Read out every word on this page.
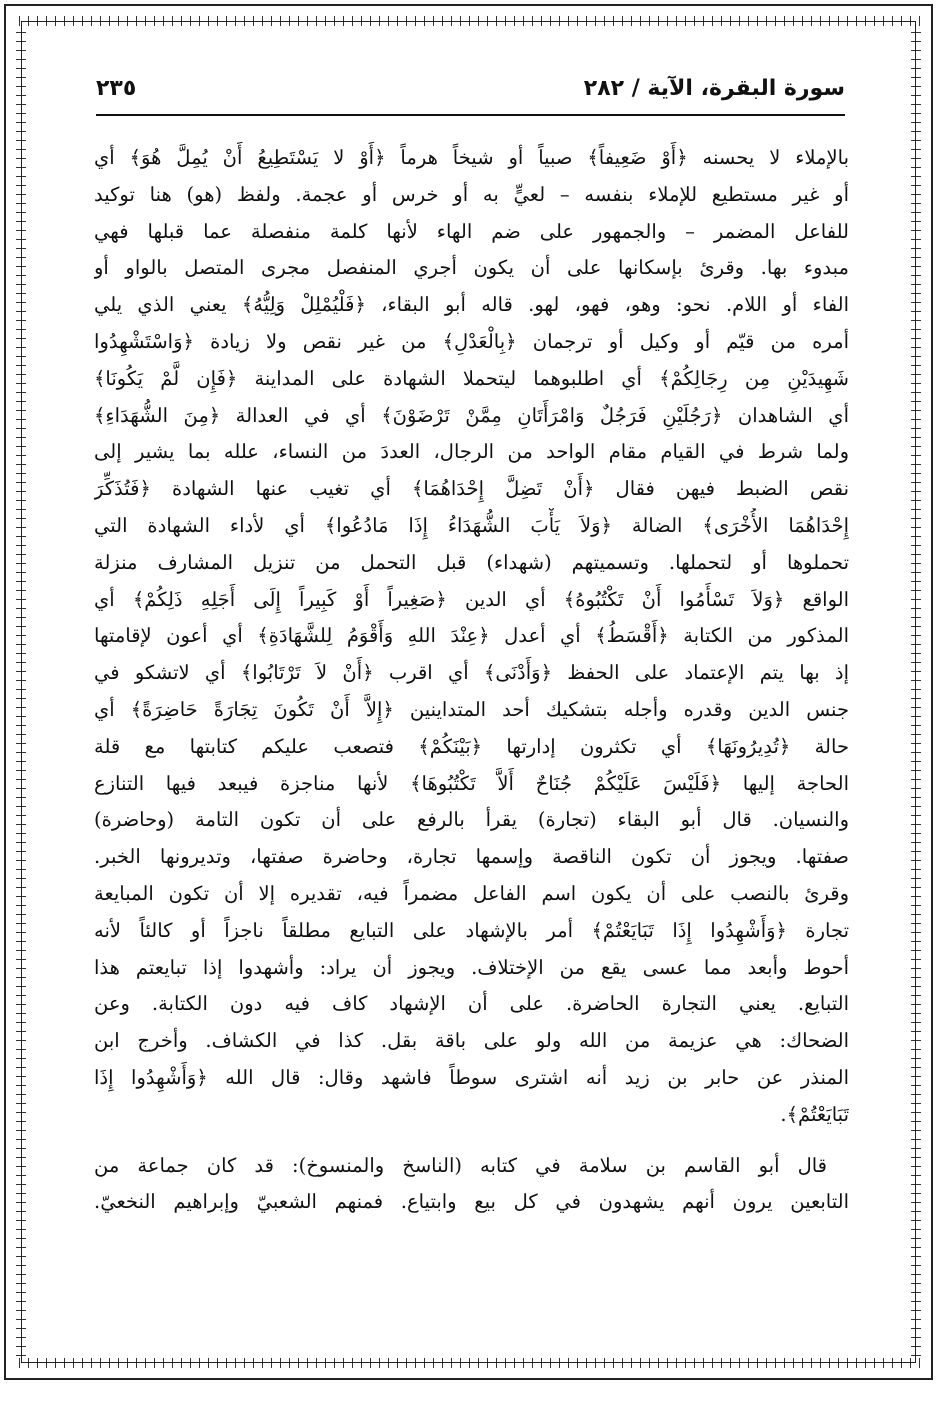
٢٣٥	سورة البقرة، الآية / ٢٨٢
بالإملاء لا يحسنه ﴿أَوْ ضَعِيفاً﴾ صبياً أو شيخاً هرماً ﴿أَوْ لا يَسْتَطِيعُ أَنْ يُمِلَّ هُوَ﴾ أي
أو غير مستطيع للإملاء بنفسه – لعيٍّ به أو خرس أو عجمة. ولفظ (هو) هنا توكيد
للفاعل المضمر – والجمهور على ضم الهاء لأنها كلمة منفصلة عما قبلها فهي
مبدوء بها. وقرئ بإسكانها على أن يكون أجري المنفصل مجرى المتصل بالواو أو
الفاء أو اللام. نحو: وهو، فهو، لهو. قاله أبو البقاء، ﴿فَلْيُمْلِلْ وَلِيُّهُ﴾ يعني الذي يلي
أمره من قيّم أو وكيل أو ترجمان ﴿بِالْعَدْلِ﴾ من غير نقص ولا زيادة ﴿وَاسْتَشْهِدُوا
شَهِيدَيْنِ مِن رِجَالِكُمْ﴾ أي اطلبوهما ليتحملا الشهادة على المداينة ﴿فَإِن لَّمْ يَكُونَا﴾
أي الشاهدان ﴿رَجُلَيْنِ فَرَجُلٌ وَامْرَأَتَانِ مِمَّنْ تَرْضَوْنَ﴾ أي في العدالة ﴿مِنَ الشُّهَدَاءِ﴾
ولما شرط في القيام مقام الواحد من الرجال، العددَ من النساء، علله بما يشير إلى
نقص الضبط فيهن فقال ﴿أَنْ تَضِلَّ إِحْدَاهُمَا﴾ أي تغيب عنها الشهادة ﴿فَتُذَكِّرَ
إِحْدَاهُمَا الأُخْرَى﴾ الضالة ﴿وَلاَ يَأْبَ الشُّهَدَاءُ إِذَا مَادُعُوا﴾ أي لأداء الشهادة التي
تحملوها أو لتحملها. وتسميتهم (شهداء) قبل التحمل من تنزيل المشارف منزلة
الواقع ﴿وَلاَ تَسْأَمُوا أَنْ تَكْتُبُوهُ﴾ أي الدين ﴿صَغِيراً أَوْ كَبِيراً إِلَى أَجَلِهِ ذَلِكُمْ﴾ أي
المذكور من الكتابة ﴿أَقْسَطُ﴾ أي أعدل ﴿عِنْدَ اللهِ وَأَقْوَمُ لِلشَّهَادَةِ﴾ أي أعون لإقامتها
إذ بها يتم الإعتماد على الحفظ ﴿وَأَدْنَى﴾ أي اقرب ﴿أَنْ لاَ تَرْتَابُوا﴾ أي لاتشكو في
جنس الدين وقدره وأجله بتشكيك أحد المتداينين ﴿إِلاَّ أَنْ تَكُونَ تِجَارَةً حَاضِرَةً﴾ أي
حالة ﴿تُدِيرُونَهَا﴾ أي تكثرون إدارتها ﴿بَيْنَكُمْ﴾ فتصعب عليكم كتابتها مع قلة
الحاجة إليها ﴿فَلَيْسَ عَلَيْكُمْ جُنَاحٌ أَلاَّ تَكْتُبُوهَا﴾ لأنها مناجزة فيبعد فيها التنازع
والنسيان. قال أبو البقاء (تجارة) يقرأ بالرفع على أن تكون التامة (وحاضرة)
صفتها. ويجوز أن تكون الناقصة وإسمها تجارة، وحاضرة صفتها، وتديرونها الخبر.
وقرئ بالنصب على أن يكون اسم الفاعل مضمراً فيه، تقديره إلا أن تكون المبايعة
تجارة ﴿وَأَشْهِدُوا إِذَا تَبَايَعْتُمْ﴾ أمر بالإشهاد على التبايع مطلقاً ناجزاً أو كالئاً لأنه
أحوط وأبعد مما عسى يقع من الإختلاف. ويجوز أن يراد: وأشهدوا إذا تبايعتم هذا
التبايع. يعني التجارة الحاضرة. على أن الإشهاد كاف فيه دون الكتابة. وعن
الضحاك: هي عزيمة من الله ولو على باقة بقل. كذا في الكشاف. وأخرج ابن
المنذر عن حابر بن زيد أنه اشترى سوطاً فاشهد وقال: قال الله ﴿وَأَشْهِدُوا إِذَا
تَبَايَعْتُمْ﴾.
قال أبو القاسم بن سلامة في كتابه (الناسخ والمنسوخ): قد كان جماعة من
التابعين يرون أنهم يشهدون في كل بيع وابتياع. فمنهم الشعبيّ وإبراهيم النخعيّ.
